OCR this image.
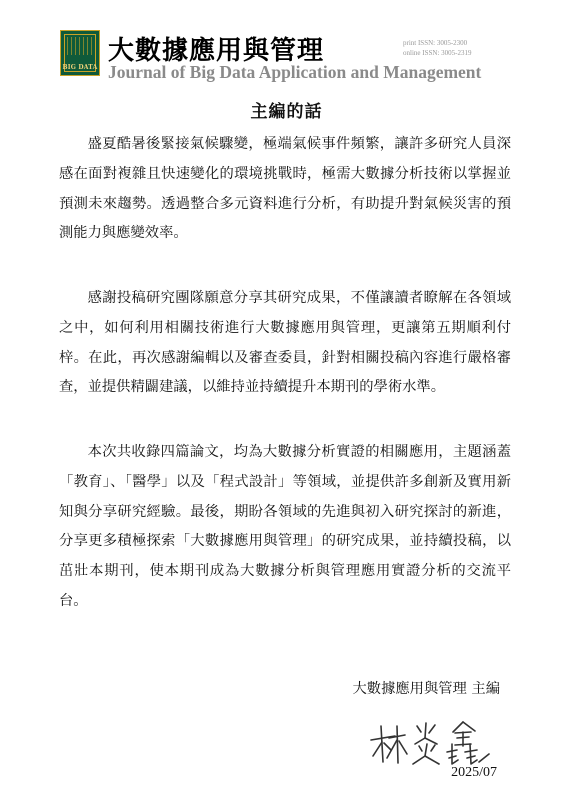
BIG DATA
大數據應用與管理
Journal of Big Data Application and Management
print ISSN: 3005-2300
online ISSN: 3005-2319
主編的話

盛夏酷暑後緊接氣候驟變，極端氣候事件頻繁，讓許多研究人員深感在面對複雜且快速變化的環境挑戰時，極需大數據分析技術以掌握並預測未來趨勢。透過整合多元資料進行分析，有助提升對氣候災害的預測能力與應變效率。

感謝投稿研究團隊願意分享其研究成果，不僅讓讀者瞭解在各領域之中，如何利用相關技術進行大數據應用與管理，更讓第五期順利付梓。在此，再次感謝編輯以及審查委員，針對相關投稿內容進行嚴格審查，並提供精闢建議，以維持並持續提升本期刊的學術水準。

本次共收錄四篇論文，均為大數據分析實證的相關應用，主題涵蓋「教育」、「醫學」以及「程式設計」等領域，並提供許多創新及實用新知與分享研究經驗。最後，期盼各領域的先進與初入研究探討的新進，分享更多積極探索「大數據應用與管理」的研究成果，並持續投稿，以茁壯本期刊，使本期刊成為大數據分析與管理應用實證分析的交流平台。

大數據應用與管理 主編
2025/07
